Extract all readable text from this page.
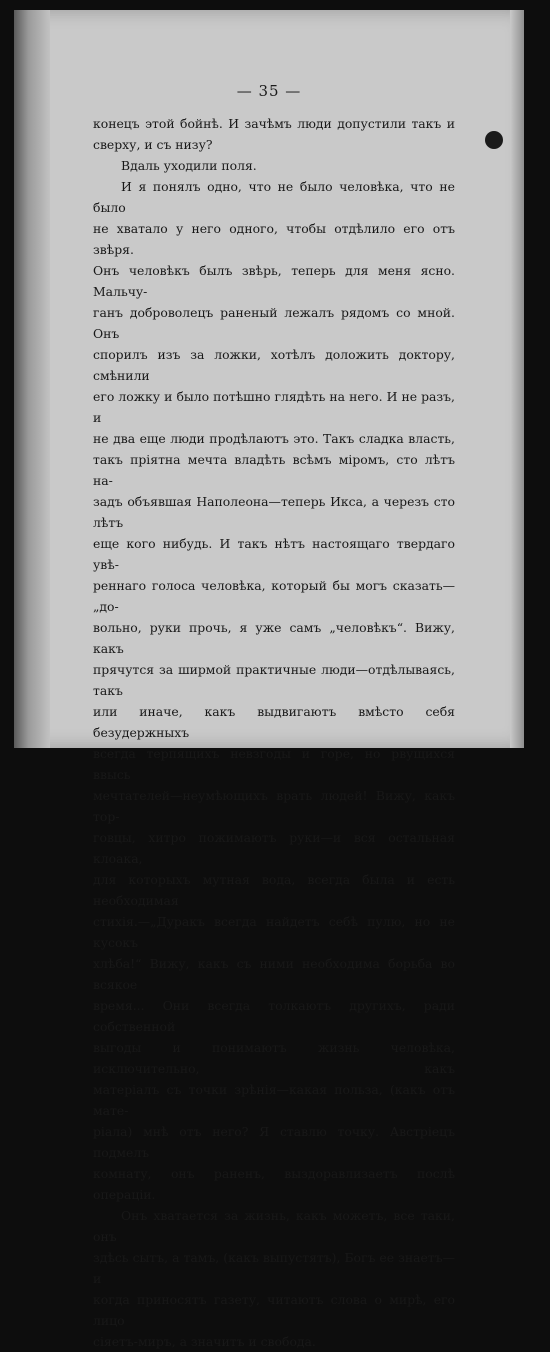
— 35 —

конецъ этой бойнѣ. И зачѣмъ люди допустили такъ и

сверху, и съ низу?

Вдаль уходили поля.

И я понялъ одно, что не было человѣка, что не было

не хватало у него одного, чтобы отдѣлило его отъ звѣря.

Онъ человѣкъ былъ звѣрь, теперь для меня ясно. Мальчу-

ганъ доброволецъ раненый лежалъ рядомъ со мной. Онъ

спорилъ изъ за ложки, хотѣлъ доложить доктору, смѣнили

его ложку и было потѣшно глядѣть на него. И не разъ, и

не два еще люди продѣлаютъ это. Такъ сладка власть,

такъ пріятна мечта владѣть всѣмъ міромъ, сто лѣтъ на-

задъ объявшая Наполеона—теперь Икса, а черезъ сто лѣтъ

еще кого нибудь. И такъ нѣтъ настоящаго твердаго увѣ-

реннаго голоса человѣка, который бы могъ сказать—„до-

вольно, руки прочь, я уже самъ „человѣкъ“. Вижу, какъ

прячутся за ширмой практичные люди—отдѣлываясь, такъ

или иначе, какъ выдвигаютъ вмѣсто себя безудержныхъ

всегда терпящихъ невзгоды и горе, но рвущихся ввысь

мечтателей—неумѣющихъ врать людей! Вижу, какъ тор-

говцы, хитро пожимаютъ руки—и вся остальная клоака,

для которыхъ мутная вода, всегда была и есть необходимая

стихія.—„Дуракъ всегда найдетъ себѣ пулю, но не кусокъ

хлѣба!“ Вижу, какъ съ ними необходима борьба во всякое

время... Они всегда толкаютъ другихъ, ради собственной

выгоды и понимаютъ жизнь человѣка, исключительно, какъ

матеріалъ съ точки зрѣнія—какая польза, (какъ отъ мате-

ріала) мнѣ отъ него? Я ставлю точку. Австрiецъ подмелъ

комнату, онъ раненъ, выздоравлизаетъ послѣ операціи.

Онъ хватается за жизнь, какъ можетъ, все таки, онъ

здѣсь сытъ, а тамъ, (какъ выпустятъ), Богъ ее знаетъ—и

когда приносятъ газету, читаютъ слова о мирѣ, его лицо

сіяетъ-миръ, а значитъ и свобода.
